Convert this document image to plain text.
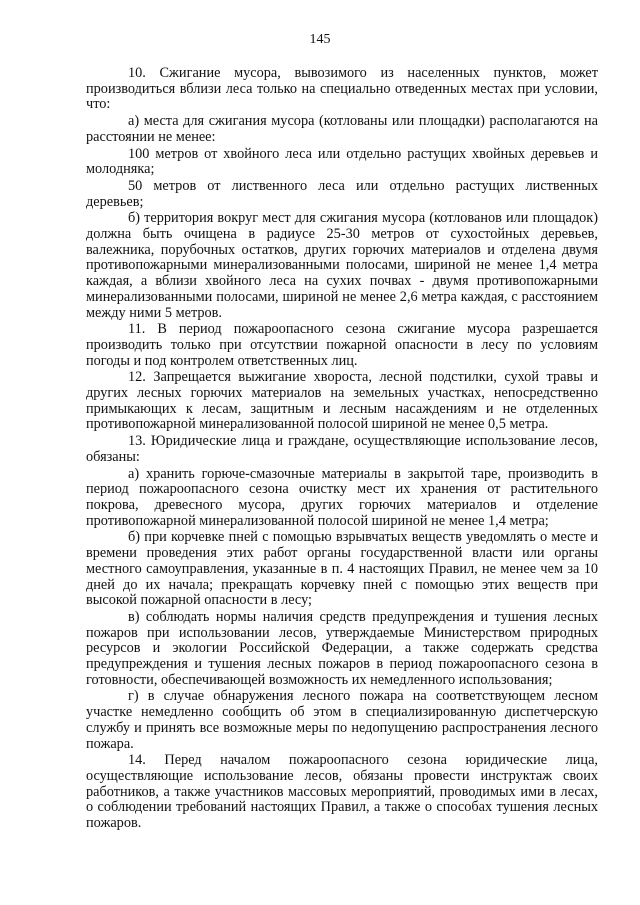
145

10. Сжигание мусора, вывозимого из населенных пунктов, может производиться вблизи леса только на специально отведенных местах при условии, что:

а) места для сжигания мусора (котлованы или площадки) располагаются на расстоянии не менее:

100 метров от хвойного леса или отдельно растущих хвойных деревьев и молодняка;

50 метров от лиственного леса или отдельно растущих лиственных деревьев;

б) территория вокруг мест для сжигания мусора (котлованов или площадок) должна быть очищена в радиусе 25-30 метров от сухостойных деревьев, валежника, порубочных остатков, других горючих материалов и отделена двумя противопожарными минерализованными полосами, шириной не менее 1,4 метра каждая, а вблизи хвойного леса на сухих почвах - двумя противопожарными минерализованными полосами, шириной не менее 2,6 метра каждая, с расстоянием между ними 5 метров.

11. В период пожароопасного сезона сжигание мусора разрешается производить только при отсутствии пожарной опасности в лесу по условиям погоды и под контролем ответственных лиц.

12. Запрещается выжигание хвороста, лесной подстилки, сухой травы и других лесных горючих материалов на земельных участках, непосредственно примыкающих к лесам, защитным и лесным насаждениям и не отделенных противопожарной минерализованной полосой шириной не менее 0,5 метра.

13. Юридические лица и граждане, осуществляющие использование лесов, обязаны:

а) хранить горюче-смазочные материалы в закрытой таре, производить в период пожароопасного сезона очистку мест их хранения от растительного покрова, древесного мусора, других горючих материалов и отделение противопожарной минерализованной полосой шириной не менее 1,4 метра;

б) при корчевке пней с помощью взрывчатых веществ уведомлять о месте и времени проведения этих работ органы государственной власти или органы местного самоуправления, указанные в п. 4 настоящих Правил, не менее чем за 10 дней до их начала; прекращать корчевку пней с помощью этих веществ при высокой пожарной опасности в лесу;

в) соблюдать нормы наличия средств предупреждения и тушения лесных пожаров при использовании лесов, утверждаемые Министерством природных ресурсов и экологии Российской Федерации, а также содержать средства предупреждения и тушения лесных пожаров в период пожароопасного сезона в готовности, обеспечивающей возможность их немедленного использования;

г) в случае обнаружения лесного пожара на соответствующем лесном участке немедленно сообщить об этом в специализированную диспетчерскую службу и принять все возможные меры по недопущению распространения лесного пожара.

14. Перед началом пожароопасного сезона юридические лица, осуществляющие использование лесов, обязаны провести инструктаж своих работников, а также участников массовых мероприятий, проводимых ими в лесах, о соблюдении требований настоящих Правил, а также о способах тушения лесных пожаров.
